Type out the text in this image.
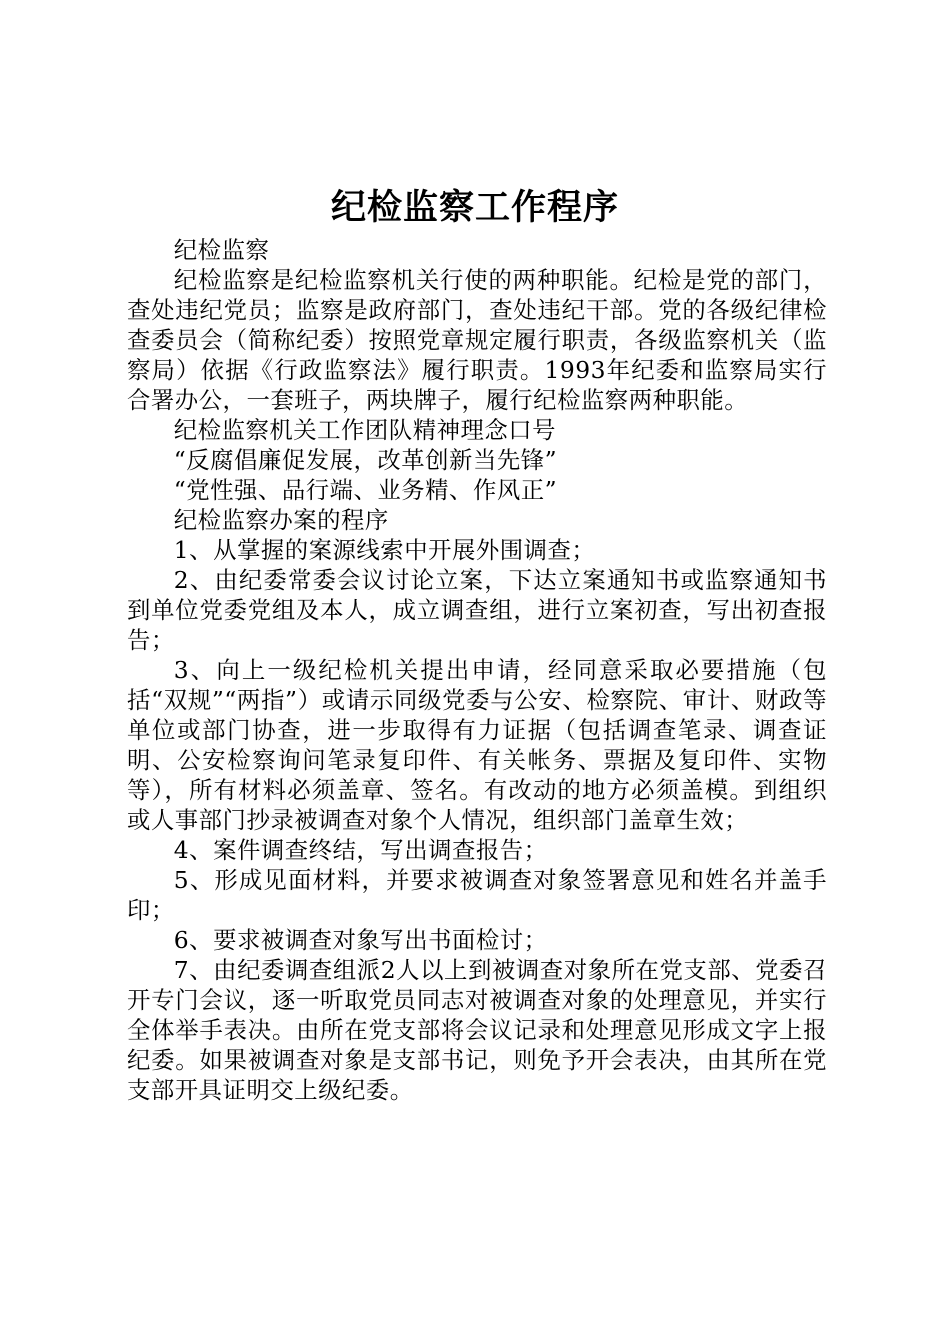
纪检监察工作程序

纪检监察

纪检监察是纪检监察机关行使的两种职能。纪检是党的部门，查处违纪党员；监察是政府部门，查处违纪干部。党的各级纪律检查委员会（简称纪委）按照党章规定履行职责，各级监察机关（监察局）依据《行政监察法》履行职责。1993年纪委和监察局实行合署办公，一套班子，两块牌子，履行纪检监察两种职能。

纪检监察机关工作团队精神理念口号

“反腐倡廉促发展，改革创新当先锋”

“党性强、品行端、业务精、作风正”

纪检监察办案的程序

1、从掌握的案源线索中开展外围调查；

2、由纪委常委会议讨论立案，下达立案通知书或监察通知书到单位党委党组及本人，成立调查组，进行立案初查，写出初查报告；

3、向上一级纪检机关提出申请，经同意采取必要措施（包括“双规”“两指”）或请示同级党委与公安、检察院、审计、财政等单位或部门协查，进一步取得有力证据（包括调查笔录、调查证明、公安检察询问笔录复印件、有关帐务、票据及复印件、实物等），所有材料必须盖章、签名。有改动的地方必须盖模。到组织或人事部门抄录被调查对象个人情况，组织部门盖章生效；

4、案件调查终结，写出调查报告；

5、形成见面材料，并要求被调查对象签署意见和姓名并盖手印；

6、要求被调查对象写出书面检讨；

7、由纪委调查组派2人以上到被调查对象所在党支部、党委召开专门会议，逐一听取党员同志对被调查对象的处理意见，并实行全体举手表决。由所在党支部将会议记录和处理意见形成文字上报纪委。如果被调查对象是支部书记，则免予开会表决，由其所在党支部开具证明交上级纪委。
